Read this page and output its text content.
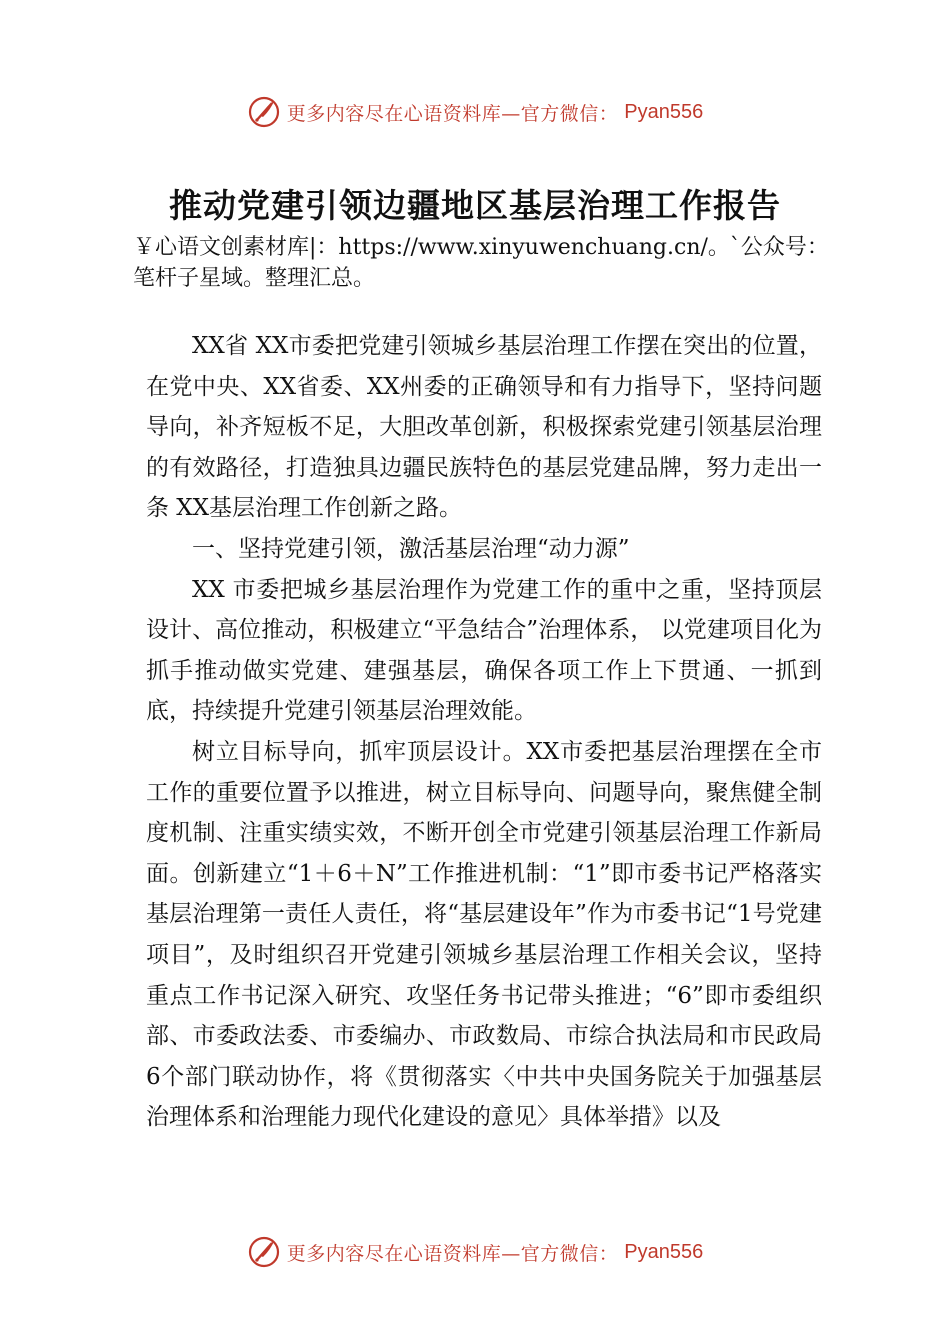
更多内容尽在心语资料库—官方微信： Pyan556
推动党建引领边疆地区基层治理工作报告

￥心语文创素材库|：https://www.xinyuwenchuang.cn/。`公众号：笔杆子星域。整理汇总。

XX省 XX市委把党建引领城乡基层治理工作摆在突出的位置，在党中央、XX省委、XX州委的正确领导和有力指导下，坚持问题导向，补齐短板不足，大胆改革创新，积极探索党建引领基层治理的有效路径，打造独具边疆民族特色的基层党建品牌，努力走出一条 XX基层治理工作创新之路。

一、坚持党建引领，激活基层治理“动力源”

XX 市委把城乡基层治理作为党建工作的重中之重，坚持顶层设计、高位推动，积极建立“平急结合”治理体系， 以党建项目化为抓手推动做实党建、建强基层，确保各项工作上下贯通、一抓到底，持续提升党建引领基层治理效能。

树立目标导向，抓牢顶层设计。XX市委把基层治理摆在全市工作的重要位置予以推进，树立目标导向、问题导向，聚焦健全制度机制、注重实绩实效，不断开创全市党建引领基层治理工作新局面。创新建立“1＋6＋N”工作推进机制：“1”即市委书记严格落实基层治理第一责任人责任，将“基层建设年”作为市委书记“1号党建项目”，及时组织召开党建引领城乡基层治理工作相关会议，坚持重点工作书记深入研究、攻坚任务书记带头推进；“6”即市委组织部、市委政法委、市委编办、市政数局、市综合执法局和市民政局 6个部门联动协作，将《贯彻落实〈中共中央国务院关于加强基层治理体系和治理能力现代化建设的意见〉具体举措》以及

更多内容尽在心语资料库—官方微信： Pyan556
